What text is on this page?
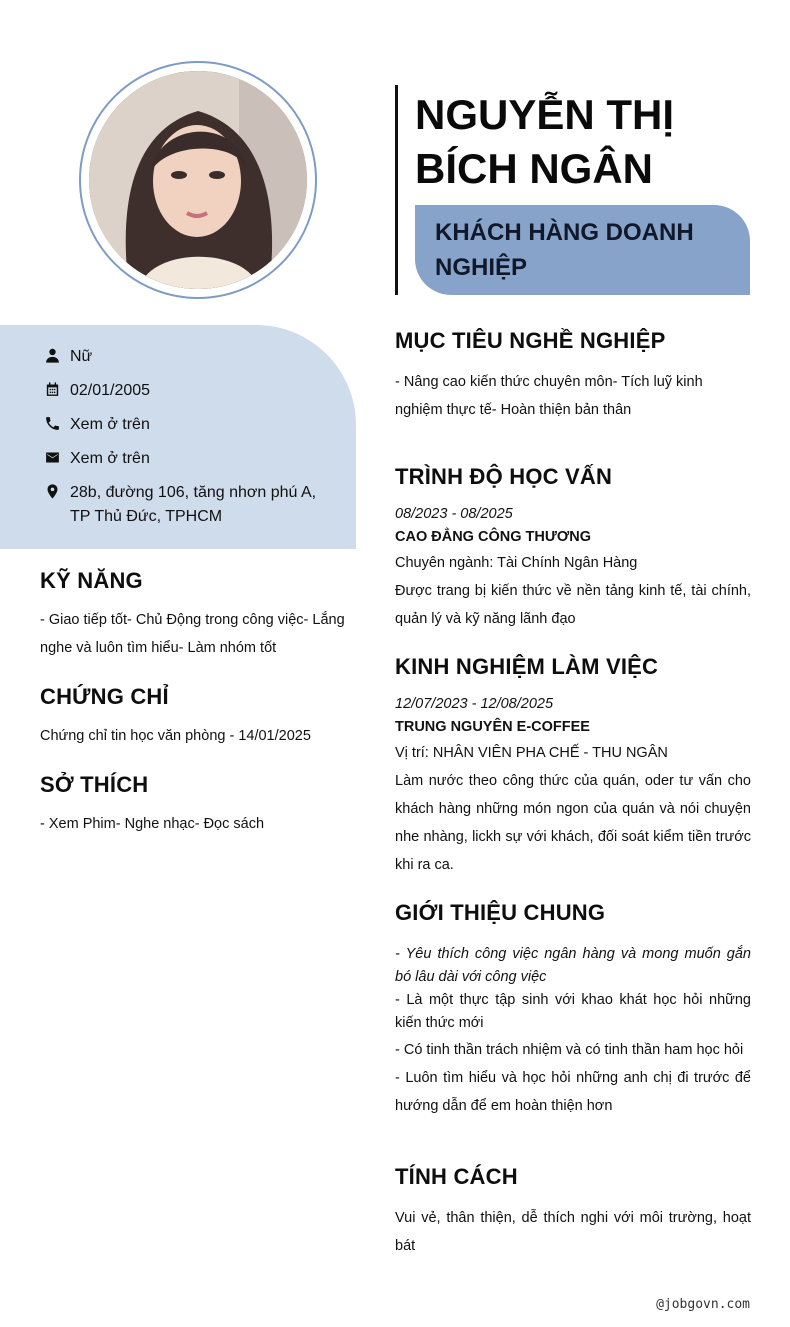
Nữ
02/01/2005
Xem ở trên
Xem ở trên
28b, đường 106, tăng nhơn phú A, TP Thủ Đức, TPHCM
KỸ NĂNG
- Giao tiếp tốt- Chủ Động trong công việc- Lắng nghe và luôn tìm hiểu- Làm nhóm tốt
CHỨNG CHỈ
Chứng chỉ tin học văn phòng - 14/01/2025
SỞ THÍCH
- Xem Phim- Nghe nhạc- Đọc sách
NGUYỄN THỊ
BÍCH NGÂN
KHÁCH HÀNG DOANH
NGHIỆP
MỤC TIÊU NGHỀ NGHIỆP
- Nâng cao kiến thức chuyên môn- Tích luỹ kinh nghiệm thực tế- Hoàn thiện bản thân
TRÌNH ĐỘ HỌC VẤN
08/2023 - 08/2025
CAO ĐẲNG CÔNG THƯƠNG
Chuyên ngành: Tài Chính Ngân Hàng
Được trang bị kiến thức về nền tảng kinh tế, tài chính, quản lý và kỹ năng lãnh đạo
KINH NGHIỆM LÀM VIỆC
12/07/2023 - 12/08/2025
TRUNG NGUYÊN E-COFFEE
Vị trí: NHÂN VIÊN PHA CHẾ - THU NGÂN
Làm nước theo công thức của quán, oder tư vấn cho khách hàng những món ngon của quán và nói chuyện nhe nhàng, lickh sự với khách, đối soát kiểm tiền trước khi ra ca.
GIỚI THIỆU CHUNG
- Yêu thích công việc ngân hàng và mong muốn gắn bó lâu dài với công việc
- Là một thực tập sinh với khao khát học hỏi những kiến thức mới
- Có tinh thần trách nhiệm và có tinh thần ham học hỏi
- Luôn tìm hiểu và học hỏi những anh chị đi trước để hướng dẫn để em hoàn thiện hơn
TÍNH CÁCH
Vui vẻ, thân thiện, dễ thích nghi với môi trường, hoạt bát
@jobgovn.com
